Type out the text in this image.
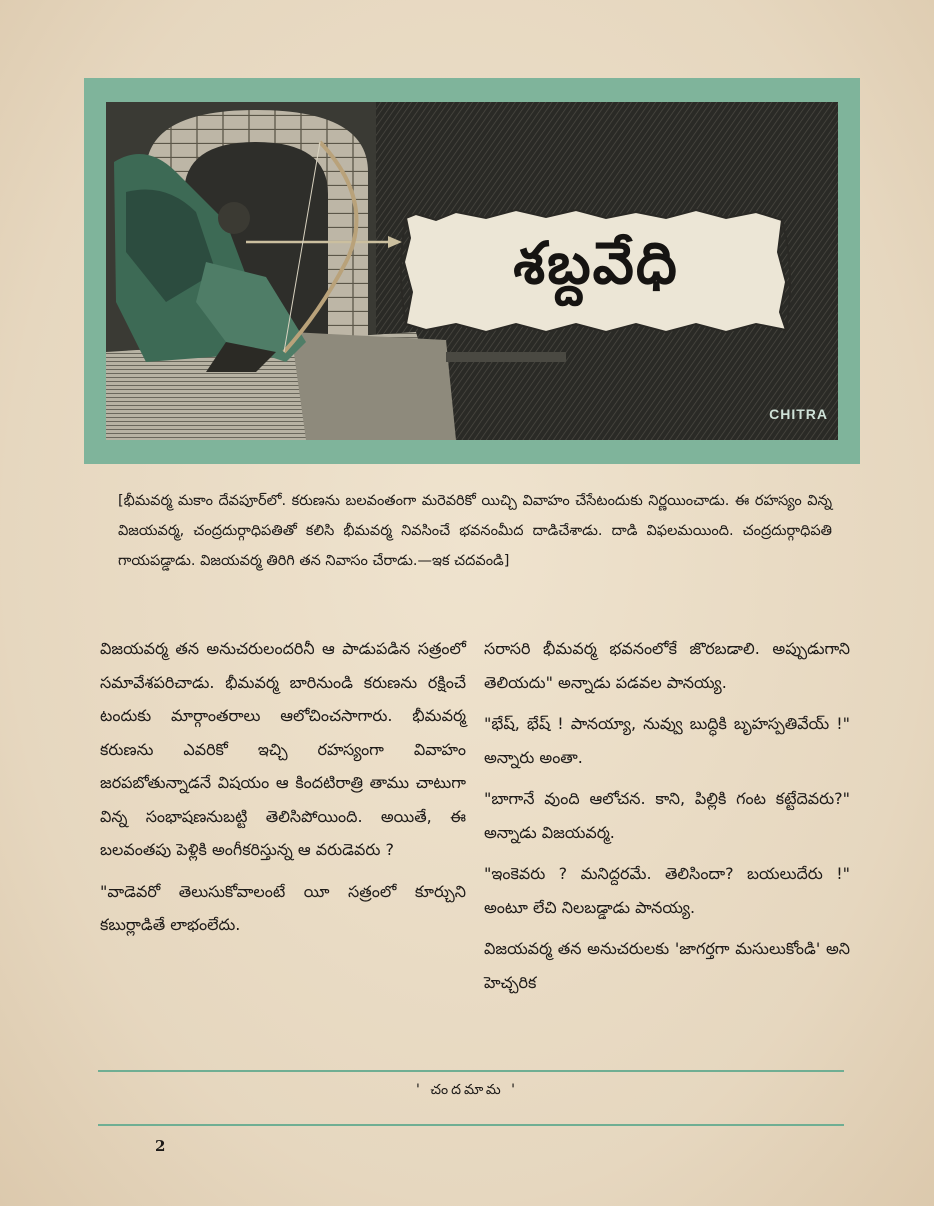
శబ్దవేధి
CHITRA
[భీమవర్మ మకాం దేవపూర్‌లో. కరుణను బలవంతంగా మరెవరికో యిచ్చి వివాహం చేసేటందుకు నిర్ణయించాడు. ఈ రహస్యం విన్న విజయవర్మ, చంద్రదుర్గాధిపతితో కలిసి భీమవర్మ నివసించే భవనంమీద దాడిచేశాడు. దాడి విఫలమయింది. చంద్రదుర్గాధిపతి గాయపడ్డాడు. విజయవర్మ తిరిగి తన నివాసం చేరాడు.—ఇక చదవండి]

విజయవర్మ తన అనుచరులందరినీ ఆ పాడుపడిన సత్రంలో సమావేశపరిచాడు. భీమవర్మ బారినుండి కరుణను రక్షించే టందుకు మార్గాంతరాలు ఆలోచించసాగారు. భీమవర్మ కరుణను ఎవరికో ఇచ్చి రహస్యంగా వివాహం జరపబోతున్నాడనే విషయం ఆ కిందటిరాత్రి తాము చాటుగా విన్న సంభాషణనుబట్టి తెలిసిపోయింది. అయితే, ఈ బలవంతపు పెళ్లికి అంగీకరిస్తున్న ఆ వరుడెవరు ?

"వాడెవరో తెలుసుకోవాలంటే యీ సత్రంలో కూర్చుని కబుర్లాడితే లాభంలేదు.

సరాసరి భీమవర్మ భవనంలోకే జొరబడాలి. అప్పుడుగాని తెలియదు" అన్నాడు పడవల పానయ్య.

"భేష్, భేష్ ! పానయ్యా, నువ్వు బుద్ధికి బృహస్పతివేయ్ !" అన్నారు అంతా.

"బాగానే వుంది ఆలోచన. కాని, పిల్లికి గంట కట్టేదెవరు?" అన్నాడు విజయవర్మ.

"ఇంకెవరు ? మనిద్దరమే. తెలిసిందా? బయలుదేరు !" అంటూ లేచి నిలబడ్డాడు పానయ్య.

విజయవర్మ తన అనుచరులకు 'జాగర్తగా మసులుకోండి' అని హెచ్చరిక

' చందమామ '
2
